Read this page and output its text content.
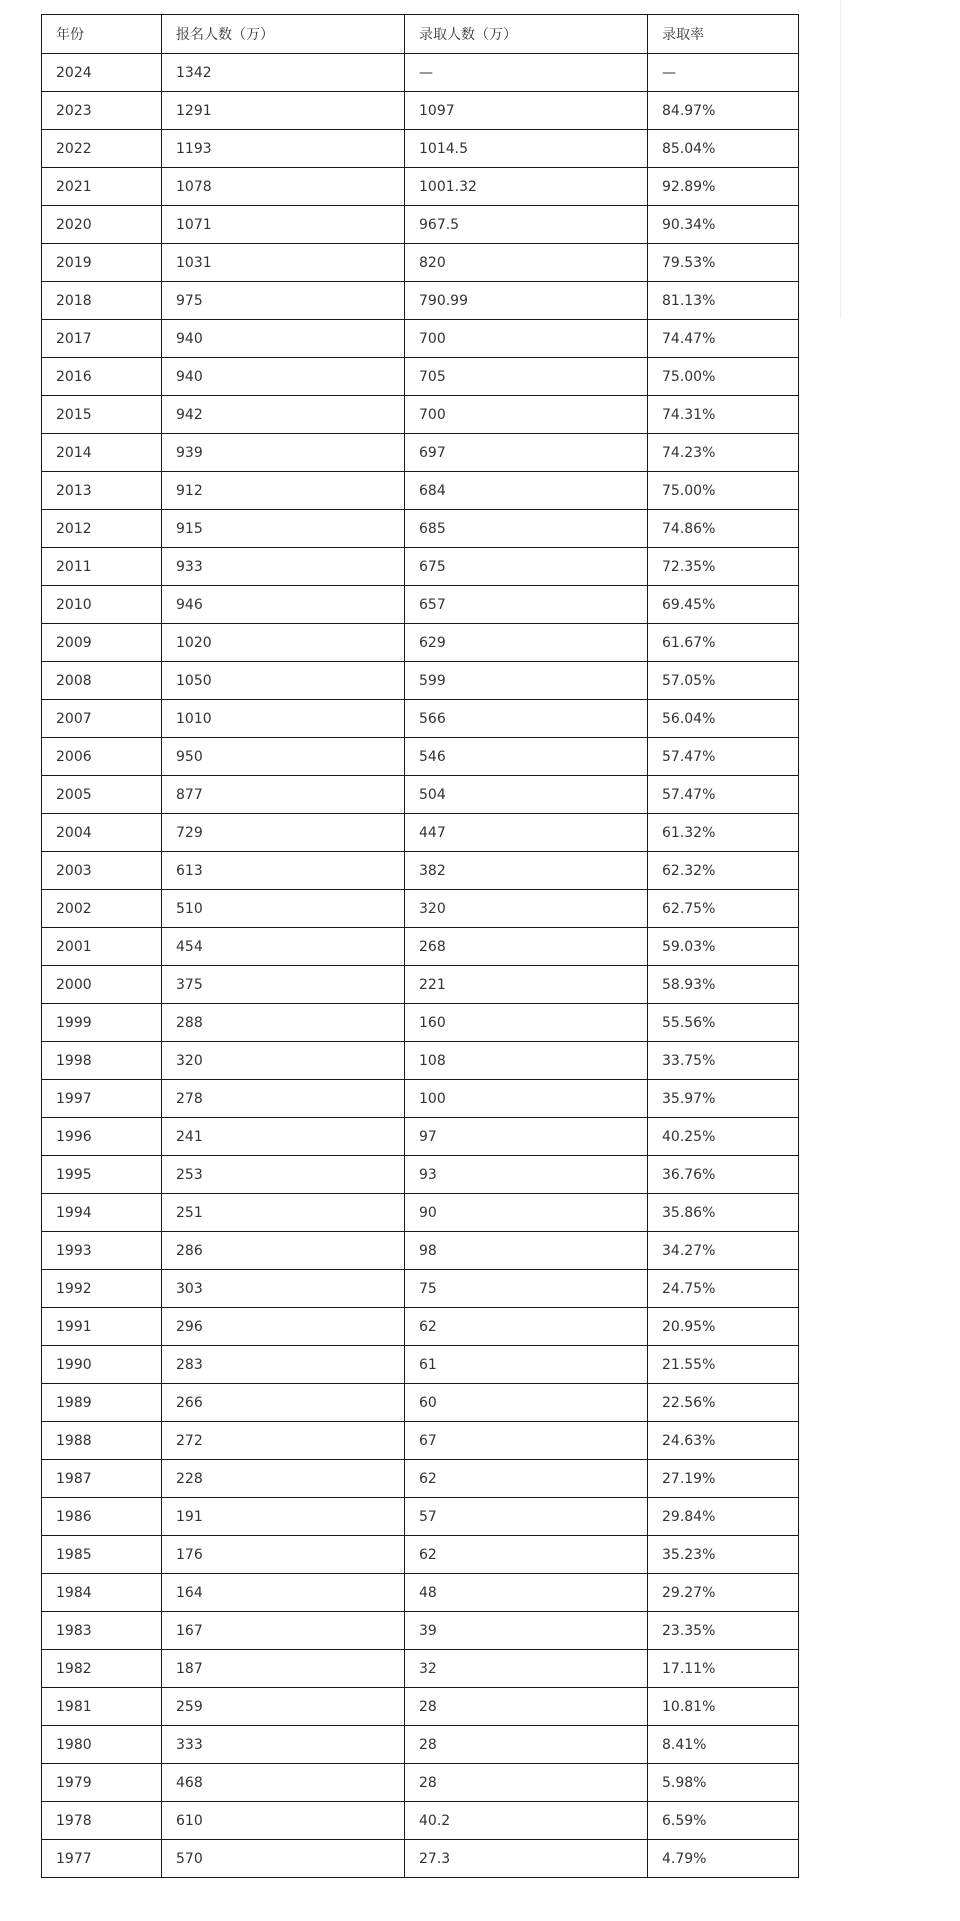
年份	报名人数（万）	录取人数（万）	录取率
2024	1342	—	—
2023	1291	1097	84.97%
2022	1193	1014.5	85.04%
2021	1078	1001.32	92.89%
2020	1071	967.5	90.34%
2019	1031	820	79.53%
2018	975	790.99	81.13%
2017	940	700	74.47%
2016	940	705	75.00%
2015	942	700	74.31%
2014	939	697	74.23%
2013	912	684	75.00%
2012	915	685	74.86%
2011	933	675	72.35%
2010	946	657	69.45%
2009	1020	629	61.67%
2008	1050	599	57.05%
2007	1010	566	56.04%
2006	950	546	57.47%
2005	877	504	57.47%
2004	729	447	61.32%
2003	613	382	62.32%
2002	510	320	62.75%
2001	454	268	59.03%
2000	375	221	58.93%
1999	288	160	55.56%
1998	320	108	33.75%
1997	278	100	35.97%
1996	241	97	40.25%
1995	253	93	36.76%
1994	251	90	35.86%
1993	286	98	34.27%
1992	303	75	24.75%
1991	296	62	20.95%
1990	283	61	21.55%
1989	266	60	22.56%
1988	272	67	24.63%
1987	228	62	27.19%
1986	191	57	29.84%
1985	176	62	35.23%
1984	164	48	29.27%
1983	167	39	23.35%
1982	187	32	17.11%
1981	259	28	10.81%
1980	333	28	8.41%
1979	468	28	5.98%
1978	610	40.2	6.59%
1977	570	27.3	4.79%
